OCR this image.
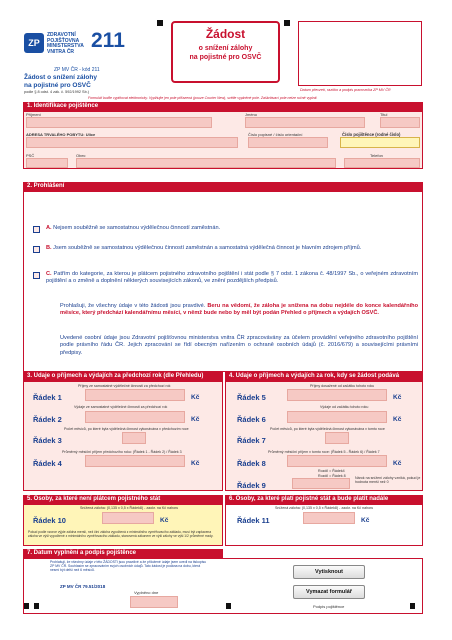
ZP
ZDRAVOTNÍ
POJIŠŤOVNA
MINISTERSTVA
VNITRA ČR 211
ZP MV ČR - kód 211
Žádost o snížení zálohy
na pojistné pro OSVČ
podle § 8 odst. 4 zák. č. 592/1992 Sb.)
Žádost
o snížení zálohy
na pojistné pro OSVČ
Datum převzetí, razítko a podpis pracovníka ZP MV ČR
Formulář buďte vyplňovat elektronicky. Vyplňujte jen pole přiřazená (pouze Courier New), světle vyplněné pole. Zaškrtávací pole nelze ručně vyplnit.
1. Identifikace pojištěnce
Příjmení	Jméno	Titul
ADRESA TRVALÉHO POBYTU: Ulice	Číslo popisné / číslo orientační	Číslo pojištěnce (rodné číslo)
PSČ	Obec	Telefon
2. Prohlášení
A. Nejsem souběžně se samostatnou výdělečnou činností zaměstnán.
B. Jsem souběžně se samostatnou výdělečnou činností zaměstnán a samostatná výdělečná činnost je hlavním zdrojem příjmů.
C. Patřím do kategorie, za kterou je plátcem pojistného zdravotního pojištění i stát podle § 7 odst. 1 zákona č. 48/1997 Sb., o veřejném zdravotním pojištění a o změně a doplnění některých souvisejících zákonů, ve znění pozdějších předpisů.
Prohlašuji, že všechny údaje v této žádosti jsou pravdivé. Beru na vědomí, že záloha je snížena na dobu nejdéle do konce kalendářního měsíce, který předchází kalendářnímu měsíci, v němž bude nebo by měl být podán Přehled o příjmech a výdajích OSVČ.
Uvedené osobní údaje jsou Zdravotní pojišťovnou ministerstva vnitra ČR zpracovávány za účelem provádění veřejného zdravotního pojištění podle právního řádu ČR. Jejich zpracování se řídí obecným nařízením o ochraně osobních údajů (č. 2016/679) a souvisejícími právními předpisy.
3. Údaje o příjmech a výdajích za předchozí rok (dle Přehledu)	4. Údaje o příjmech a výdajích za rok, kdy se žádost podává
Příjmy ze samostatné výdělečné činnosti za předchozí rok
Řádek 1	Kč
Výdaje ze samostatné výdělečné činnosti za předchozí rok
Řádek 2	Kč
Počet měsíců, po které byla výdělečná činnost vykonávána v předchozím roce
Řádek 3
Průměrný měsíční příjem předchozího roku: (Řádek 1 - Řádek 2) / Řádek 3
Řádek 4	Kč
Příjmy dosažené od začátku tohoto roku
Řádek 5	Kč
Výdaje od začátku tohoto roku
Řádek 6	Kč
Počet měsíců, po které byla výdělečná činnost vykonávána v tomto roce
Řádek 7
Průměrný měsíční příjem v tomto roce: (Řádek 5 - Řádek 6) / Řádek 7
Řádek 8	Kč
Rozdíl = Řádek4
Rozdíl = Řádek 8
Řádek 9
Nárok na snížení zálohy vzniká, pokud je hodnota menší než 0
5. Osoby, za které není plátcem pojistného stát	6. Osoby, za které platí pojistné stát a bude platit nadále
Snížená záloha: (0,135 x 0,5 x Řádek8) - zaokr. na Kč nahoru
Řádek 10	Kč
Pokud podle vzorce výjde záloha menší, než činí záloha vypočtená z minimálního vyměřovacího základu, musí být zaplacena záloha ve výši vypočtené z minimálního vyměřovacího základu, stanovená zákonem ve výši zálohy ve výši 1/2 průměrné mzdy.
Snížená záloha: (0,135 x 0,5 x Řádek8) - zaokr. na Kč nahoru
Řádek 11	Kč
7. Datum vyplnění a podpis pojištěnce
Prohlašuji, že všechny údaje v této ŽÁDOSTI jsou pravdivé a že přiložené údaje jsem uvedl na tiskopisu ZP MV ČR. Souhlasím se zpracováním svých osobních údajů. Tato žádost je podána na dobu, která nesmí být delší než 6 měsíců.
ZP MV ČR 79.51/2018
Vyplněno dne
Vytisknout
Vymazat formulář
Podpis pojištěnce
